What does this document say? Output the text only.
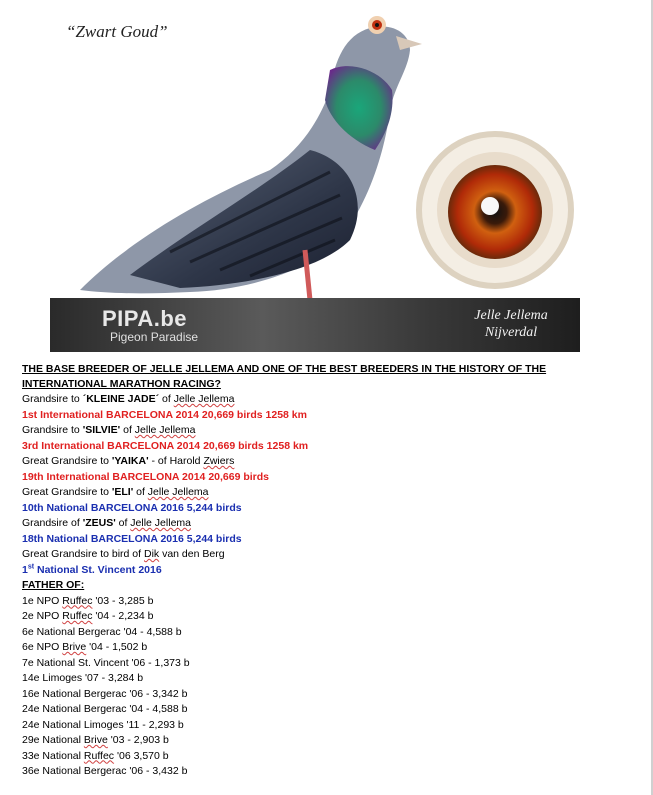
“Zwart Goud”
PIPA.be
Pigeon Paradise
Jelle Jellema
Nijverdal
THE BASE BREEDER OF JELLE JELLEMA AND ONE OF THE BEST BREEDERS IN THE HISTORY OF THE INTERNATIONAL MARATHON RACING?
Grandsire to ´KLEINE JADE´ of Jelle Jellema
1st International BARCELONA 2014 20,669 birds 1258 km
Grandsire to 'SILVIE' of Jelle Jellema
3rd International BARCELONA 2014 20,669 birds 1258 km
Great Grandsire to 'YAIKA' - of Harold Zwiers
19th International BARCELONA 2014 20,669 birds
Great Grandsire to 'ELI' of Jelle Jellema
10th National BARCELONA 2016 5,244 birds
Grandsire of 'ZEUS' of Jelle Jellema
18th National BARCELONA 2016 5,244 birds
Great Grandsire to bird of Dik van den Berg
1st National St. Vincent 2016
FATHER OF:
1e NPO Ruffec '03 - 3,285 b
2e NPO Ruffec '04 - 2,234 b
6e National Bergerac '04 - 4,588 b
6e NPO Brive '04 - 1,502 b
7e National St. Vincent '06 - 1,373 b
14e Limoges '07 - 3,284 b
16e National Bergerac '06 - 3,342 b
24e National Bergerac '04 - 4,588 b
24e National Limoges '11 - 2,293 b
29e National Brive '03 - 2,903 b
33e National Ruffec '06 3,570 b
36e National Bergerac '06 - 3,432 b
